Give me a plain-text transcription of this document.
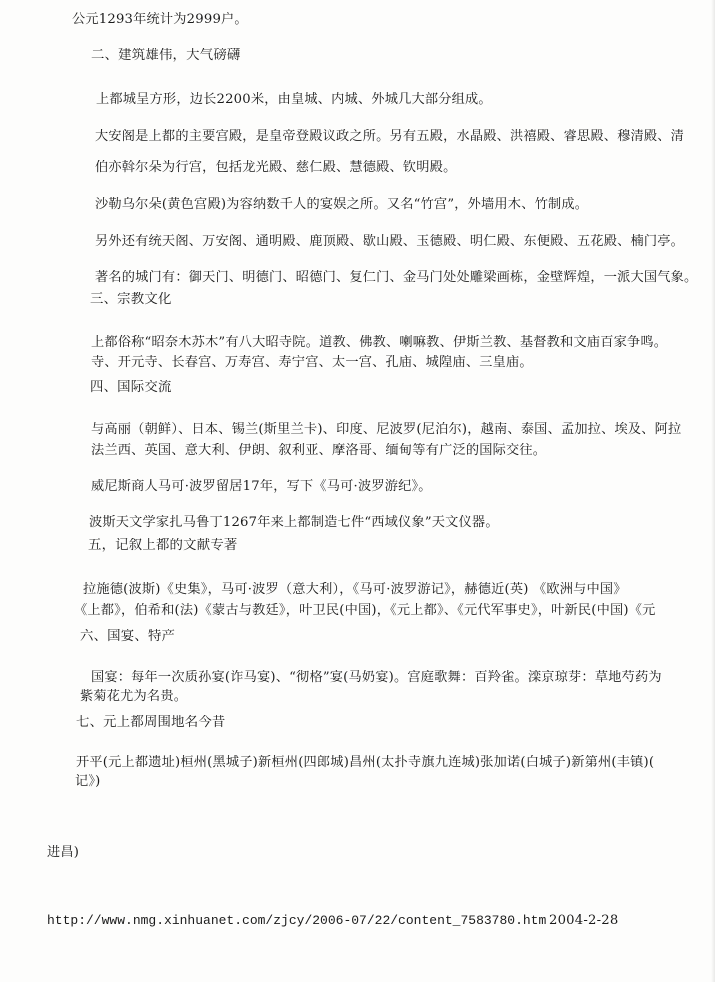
公元1293年统计为2999户。
二、建筑雄伟，大气磅礴
上都城呈方形，边长2200米，由皇城、内城、外城几大部分组成。
大安阁是上都的主要宫殿，是皇帝登殿议政之所。另有五殿，水晶殿、洪禧殿、睿思殿、穆清殿、清
伯亦斡尔朵为行宫，包括龙光殿、慈仁殿、慧德殿、钦明殿。
沙勒乌尔朵(黄色宫殿)为容纳数千人的宴娱之所。又名“竹宫”，外墙用木、竹制成。
另外还有统天阁、万安阁、通明殿、鹿顶殿、歇山殿、玉德殿、明仁殿、东便殿、五花殿、楠门亭。
著名的城门有：御天门、明德门、昭德门、复仁门、金马门处处雕梁画栋，金壁辉煌，一派大国气象。
三、宗教文化
上都俗称“昭奈木苏木”有八大昭寺院。道教、佛教、喇嘛教、伊斯兰教、基督教和文庙百家争鸣。
寺、开元寺、长春宫、万寿宫、寿宁宫、太一宫、孔庙、城隍庙、三皇庙。
四、国际交流
与高丽（朝鲜）、日本、锡兰(斯里兰卡)、印度、尼波罗(尼泊尔)，越南、泰国、孟加拉、埃及、阿拉
法兰西、英国、意大利、伊朗、叙利亚、摩洛哥、缅甸等有广泛的国际交往。
威尼斯商人马可·波罗留居17年，写下《马可·波罗游纪》。
波斯天文学家扎马鲁丁1267年来上都制造七件“西域仪象”天文仪器。
五，记叙上都的文献专著
拉施德(波斯)《史集》，马可·波罗（意大利），《马可·波罗游记》，赫德近(英) 《欧洲与中国》
《上都》，伯希和(法)《蒙古与教廷》，叶卫民(中国)，《元上都》、《元代军事史》，叶新民(中国)《元
六、国宴、特产
国宴：每年一次质孙宴(诈马宴)、“彻格”宴(马奶宴)。宫庭歌舞：百羚雀。滦京琼芽：草地芍药为
紫菊花尤为名贵。
七、元上都周围地名今昔
开平(元上都遗址)桓州(黑城子)新桓州(四郎城)昌州(太扑寺旗九连城)张加诺(白城子)新第州(丰镇)(
记》)
进昌)
http://www.nmg.xinhuanet.com/zjcy/2006-07/22/content_7583780.htm 2004-2-28
